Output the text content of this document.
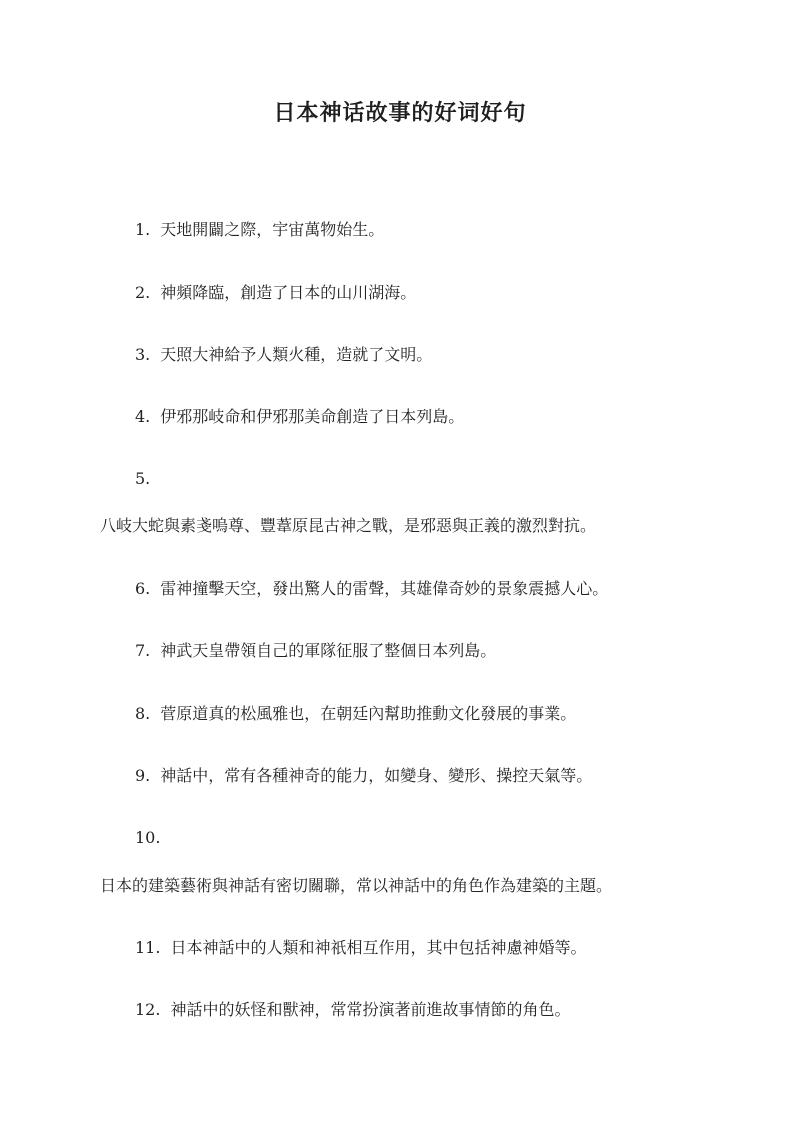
日本神话故事的好词好句

1. 天地開闢之際，宇宙萬物始生。

2. 神頻降臨，創造了日本的山川湖海。

3. 天照大神給予人類火種，造就了文明。

4. 伊邪那岐命和伊邪那美命創造了日本列島。

5.

八岐大蛇與素戔嗚尊、豐葦原昆古神之戰，是邪惡與正義的激烈對抗。

6. 雷神撞擊天空，發出驚人的雷聲，其雄偉奇妙的景象震撼人心。

7. 神武天皇帶領自己的軍隊征服了整個日本列島。

8. 菅原道真的松風雅也，在朝廷內幫助推動文化發展的事業。

9. 神話中，常有各種神奇的能力，如變身、變形、操控天氣等。

10.

日本的建築藝術與神話有密切關聯，常以神話中的角色作為建築的主題。

11. 日本神話中的人類和神祇相互作用，其中包括神慮神婚等。

12. 神話中的妖怪和獸神，常常扮演著前進故事情節的角色。
